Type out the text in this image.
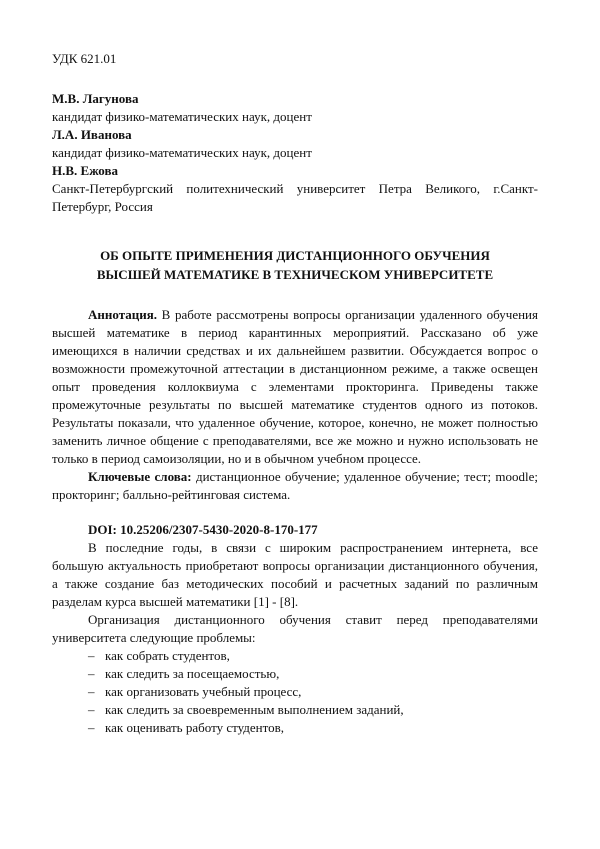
УДК 621.01
М.В. Лагунова
кандидат физико-математических наук, доцент
Л.А. Иванова
кандидат физико-математических наук, доцент
Н.В. Ежова
Санкт-Петербургский политехнический университет Петра Великого, г.Санкт-Петербург, Россия
ОБ ОПЫТЕ ПРИМЕНЕНИЯ ДИСТАНЦИОННОГО ОБУЧЕНИЯ
ВЫСШЕЙ МАТЕМАТИКЕ В ТЕХНИЧЕСКОМ УНИВЕРСИТЕТЕ

Аннотация. В работе рассмотрены вопросы организации удаленного обучения высшей математике в период карантинных мероприятий. Рассказано об уже имеющихся в наличии средствах и их дальнейшем развитии. Обсуждается вопрос о возможности промежуточной аттестации в дистанционном режиме, а также освещен опыт проведения коллоквиума с элементами прокторинга. Приведены также промежуточные результаты по высшей математике студентов одного из потоков. Результаты показали, что удаленное обучение, которое, конечно, не может полностью заменить личное общение с преподавателями, все же можно и нужно использовать не только в период самоизоляции, но и в обычном учебном процессе.

Ключевые слова: дистанционное обучение; удаленное обучение; тест; moodle; прокторинг; балльно-рейтинговая система.

DOI: 10.25206/2307-5430-2020-8-170-177

В последние годы, в связи с широким распространением интернета, все большую актуальность приобретают вопросы организации дистанционного обучения, а также создание баз методических пособий и расчетных заданий по различным разделам курса высшей математики [1] - [8].

Организация дистанционного обучения ставит перед преподавателями университета следующие проблемы:

– как собрать студентов,
– как следить за посещаемостью,
– как организовать учебный процесс,
– как следить за своевременным выполнением заданий,
– как оценивать работу студентов,
